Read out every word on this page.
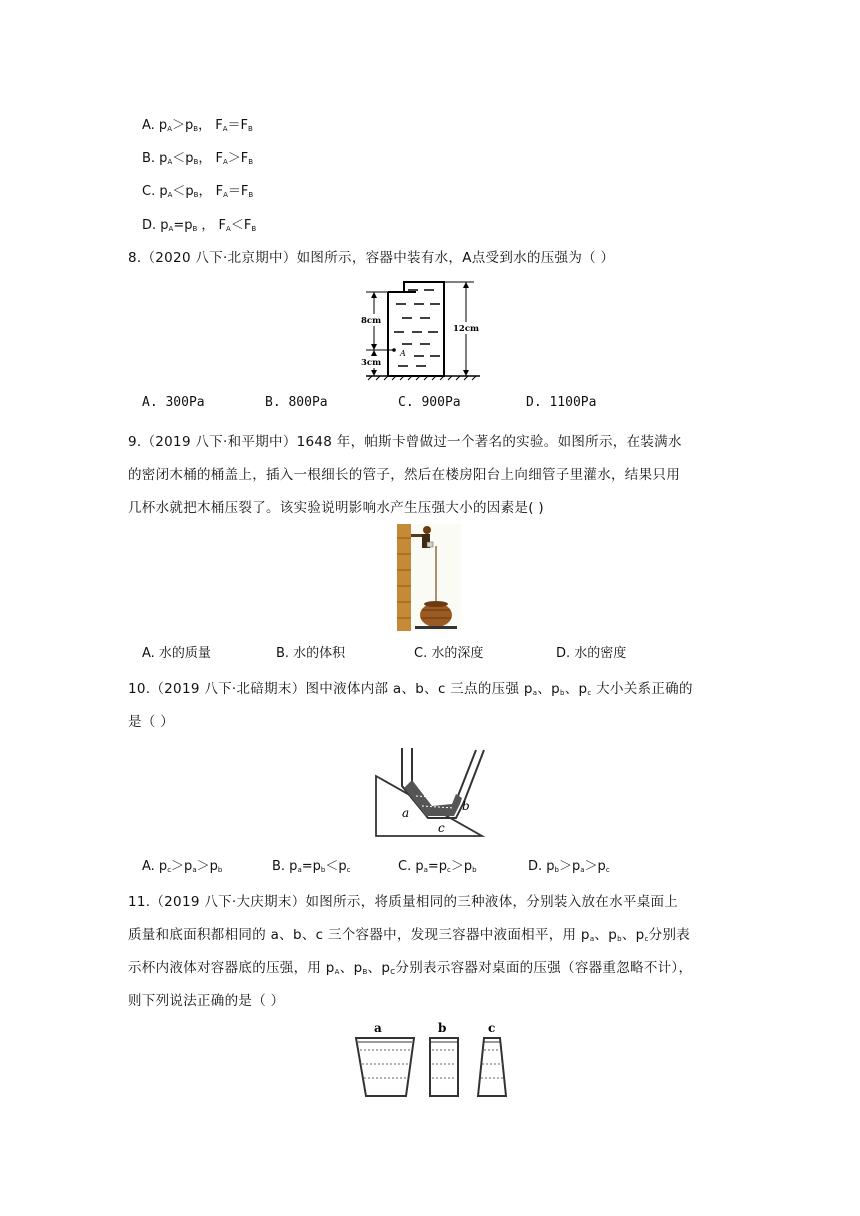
A. $p_A>p_B$， $F_A=F_B$
B. $p_A<p_B$， $F_A>F_B$
C. $p_A<p_B$， $F_A=F_B$
D. $p_A=p_B$ ， $F_A<F_B$
8.（2020 八下·北京期中）如图所示，容器中装有水，A点受到水的压强为（ ）
A
8cm
3cm
12cm
A. 300Pa	B. 800Pa	C. 900Pa	D. 1100Pa
9.（2019 八下·和平期中）1648 年，帕斯卡曾做过一个著名的实验。如图所示，在装满水
的密闭木桶的桶盖上，插入一根细长的管子，然后在楼房阳台上向细管子里灌水，结果只用
几杯水就把木桶压裂了。该实验说明影响水产生压强大小的因素是( )
A. 水的质量	B. 水的体积	C. 水的深度	D. 水的密度
10.（2019 八下·北碚期末）图中液体内部 a、b、c 三点的压强 $p_a$、$p_b$、$p_c$ 大小关系正确的
是（ ）
a	b
c
A. $p_c>p_a>p_b$	B. $p_a=p_b<p_c$	C. $p_a=p_c>p_b$	D. $p_b>p_a>p_c$
11.（2019 八下·大庆期末）如图所示，将质量相同的三种液体，分别装入放在水平桌面上
质量和底面积都相同的 a、b、c 三个容器中，发现三容器中液面相平，用 $p_a$、$p_b$、$p_c$分别表
示杯内液体对容器底的压强，用 $p_A$、$p_B$、$p_C$分别表示容器对桌面的压强（容器重忽略不计），
则下列说法正确的是（ ）
a	b	c
